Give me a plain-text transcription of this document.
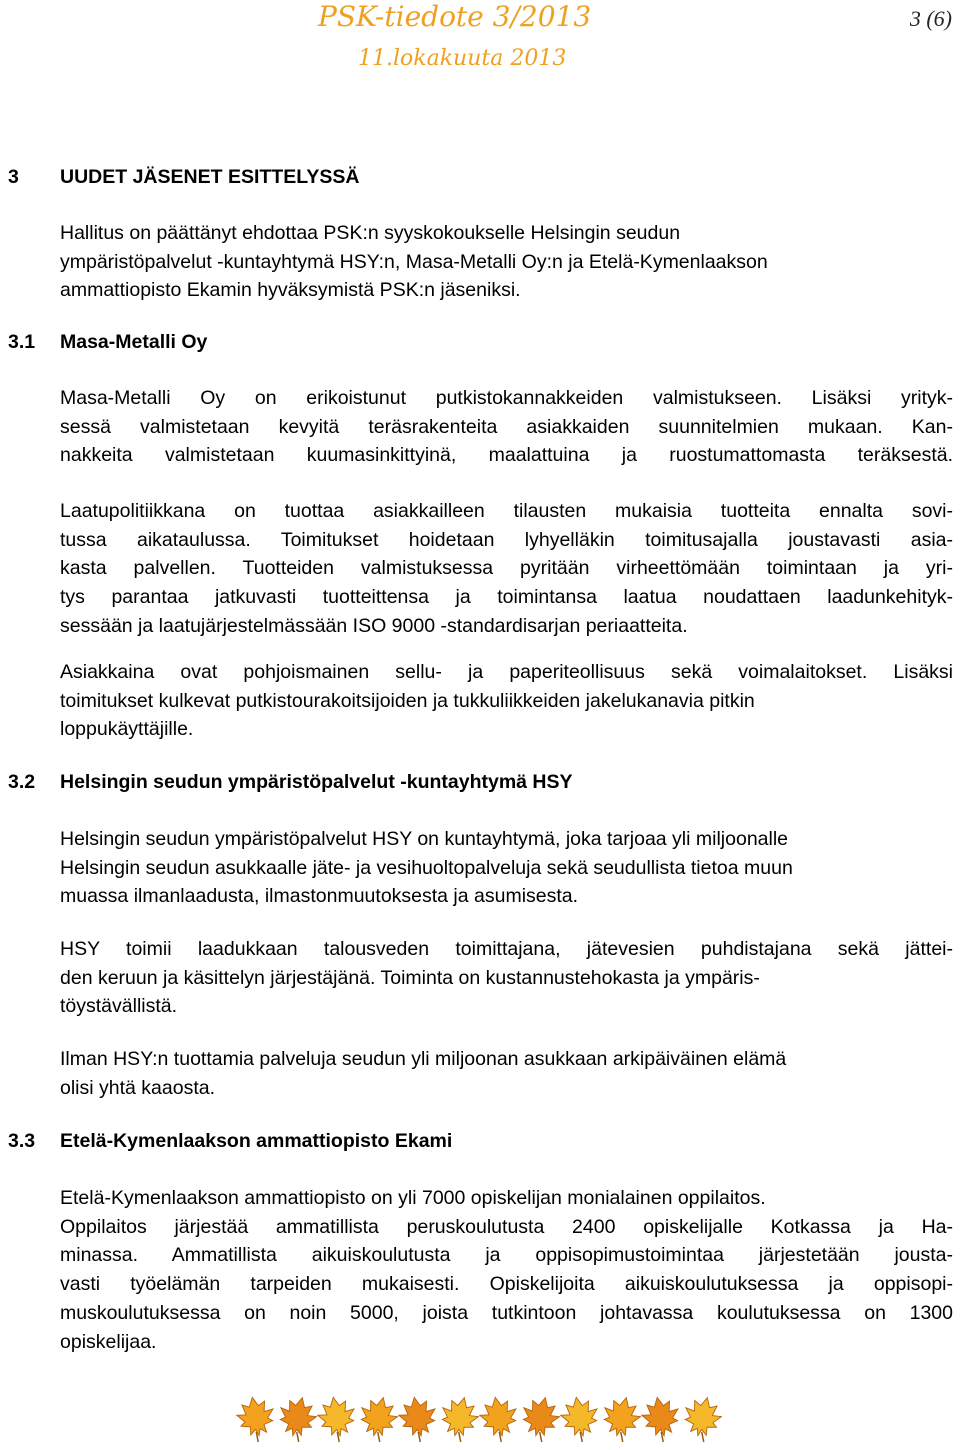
PSK-tiedote 3/2013
11.lokakuuta 2013
3 (6)
3 UUDET JÄSENET ESITTELYSSÄ
Hallitus on päättänyt ehdottaa PSK:n syyskokoukselle Helsingin seudun
ympäristöpalvelut -kuntayhtymä HSY:n, Masa-Metalli Oy:n ja Etelä-Kymenlaakson
ammattiopisto Ekamin hyväksymistä PSK:n jäseniksi.
3.1 Masa-Metalli Oy
Masa-Metalli Oy on erikoistunut putkistokannakkeiden valmistukseen. Lisäksi yrityk-
sessä valmistetaan kevyitä teräsrakenteita asiakkaiden suunnitelmien mukaan. Kan-
nakkeita valmistetaan kuumasinkittyinä, maalattuina ja ruostumattomasta teräksestä.
Laatupolitiikkana on tuottaa asiakkailleen tilausten mukaisia tuotteita ennalta sovi-
tussa aikataulussa. Toimitukset hoidetaan lyhyelläkin toimitusajalla joustavasti asia-
kasta palvellen. Tuotteiden valmistuksessa pyritään virheettömään toimintaan ja yri-
tys parantaa jatkuvasti tuotteittensa ja toimintansa laatua noudattaen laadunkehityk-
sessään ja laatujärjestelmässään ISO 9000 -standardisarjan periaatteita.
Asiakkaina ovat pohjoismainen sellu- ja paperiteollisuus sekä voimalaitokset. Lisäksi
toimitukset kulkevat putkistourakoitsijoiden ja tukkuliikkeiden jakelukanavia pitkin
loppukäyttäjille.
3.2 Helsingin seudun ympäristöpalvelut -kuntayhtymä HSY
Helsingin seudun ympäristöpalvelut HSY on kuntayhtymä, joka tarjoaa yli miljoonalle
Helsingin seudun asukkaalle jäte- ja vesihuoltopalveluja sekä seudullista tietoa muun
muassa ilmanlaadusta, ilmastonmuutoksesta ja asumisesta.
HSY toimii laadukkaan talousveden toimittajana, jätevesien puhdistajana sekä jättei-
den keruun ja käsittelyn järjestäjänä. Toiminta on kustannustehokasta ja ympäris-
töystävällistä.
Ilman HSY:n tuottamia palveluja seudun yli miljoonan asukkaan arkipäiväinen elämä
olisi yhtä kaaosta.
3.3 Etelä-Kymenlaakson ammattiopisto Ekami
Etelä-Kymenlaakson ammattiopisto on yli 7000 opiskelijan monialainen oppilaitos.
Oppilaitos järjestää ammatillista peruskoulutusta 2400 opiskelijalle Kotkassa ja Ha-
minassa. Ammatillista aikuiskoulutusta ja oppisopimustoimintaa järjestetään jousta-
vasti työelämän tarpeiden mukaisesti. Opiskelijoita aikuiskoulutuksessa ja oppisopi-
muskoulutuksessa on noin 5000, joista tutkintoon johtavassa koulutuksessa on 1300
opiskelijaa.
